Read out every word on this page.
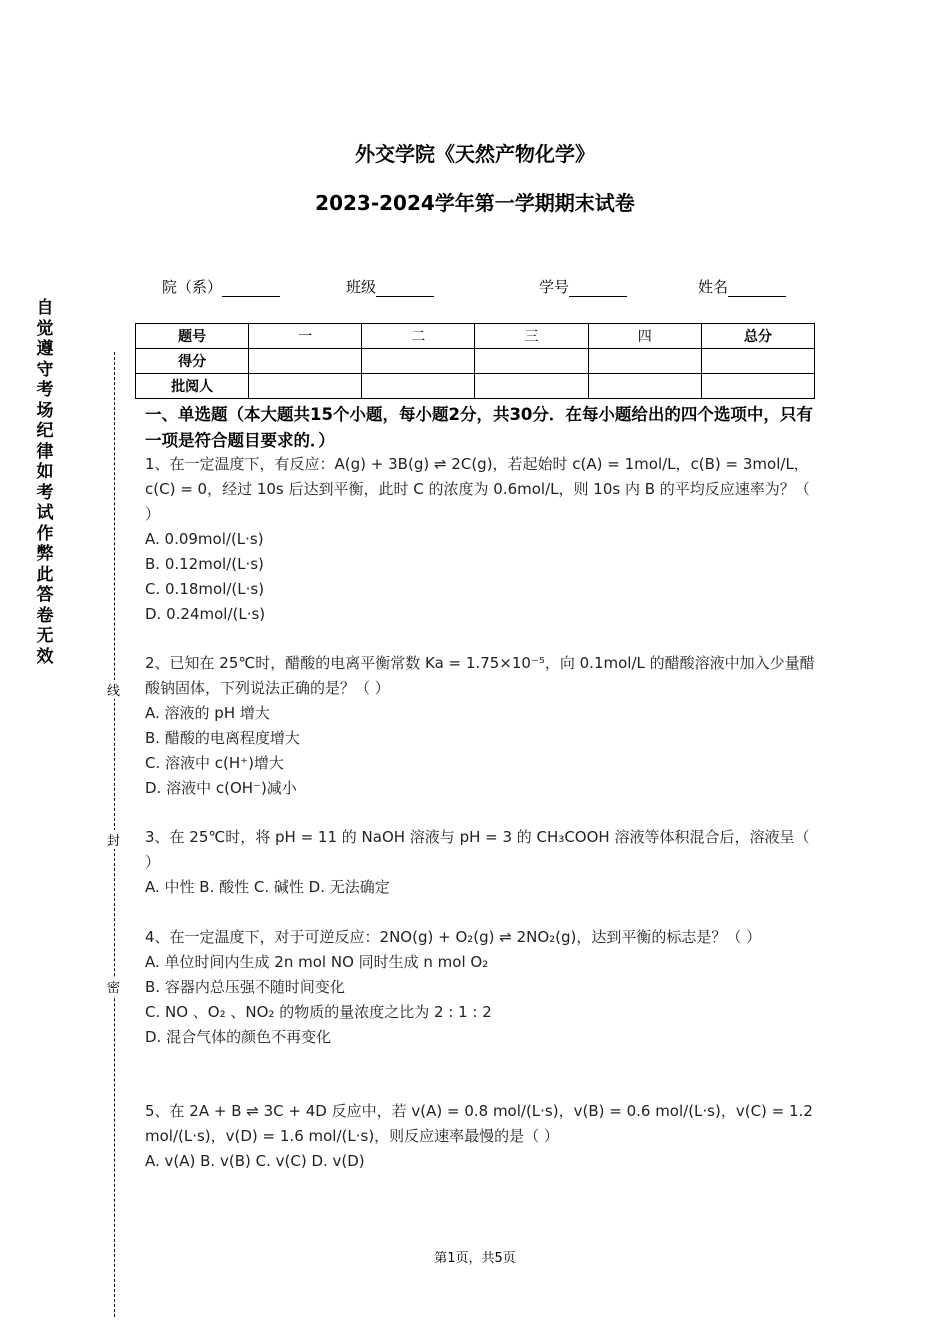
外交学院《天然产物化学》
2023-2024学年第一学期期末试卷
院（系）	班级	学号	姓名
自觉遵守考场纪律如考试作弊此答卷无效
线
封
密
题号	一	二	三	四	总分
得分					
批阅人					
一、单选题（本大题共15个小题，每小题2分，共30分．在每小题给出的四个选项中，只有一项是符合题目要求的．）
1、在一定温度下，有反应：A(g) + 3B(g) ⇌ 2C(g)，若起始时 c(A) = 1mol/L，c(B) = 3mol/L，c(C) = 0，经过 10s 后达到平衡，此时 C 的浓度为 0.6mol/L，则 10s 内 B 的平均反应速率为？（ ）
A. 0.09mol/(L·s)
B. 0.12mol/(L·s)
C. 0.18mol/(L·s)
D. 0.24mol/(L·s)
2、已知在 25℃时，醋酸的电离平衡常数 Ka = 1.75×10⁻⁵，向 0.1mol/L 的醋酸溶液中加入少量醋酸钠固体，下列说法正确的是？（ ）
A. 溶液的 pH 增大
B. 醋酸的电离程度增大
C. 溶液中 c(H⁺)增大
D. 溶液中 c(OH⁻)减小
3、在 25℃时，将 pH = 11 的 NaOH 溶液与 pH = 3 的 CH₃COOH 溶液等体积混合后，溶液呈（ ）
A. 中性 B. 酸性 C. 碱性 D. 无法确定
4、在一定温度下，对于可逆反应：2NO(g) + O₂(g) ⇌ 2NO₂(g)，达到平衡的标志是？（ ）
A. 单位时间内生成 2n mol NO 同时生成 n mol O₂
B. 容器内总压强不随时间变化
C. NO 、O₂ 、NO₂ 的物质的量浓度之比为 2 : 1 : 2
D. 混合气体的颜色不再变化
5、在 2A + B ⇌ 3C + 4D 反应中，若 v(A) = 0.8 mol/(L·s)，v(B) = 0.6 mol/(L·s)，v(C) = 1.2 mol/(L·s)，v(D) = 1.6 mol/(L·s)，则反应速率最慢的是（ ）
A. v(A) B. v(B) C. v(C) D. v(D)
第1页，共5页
